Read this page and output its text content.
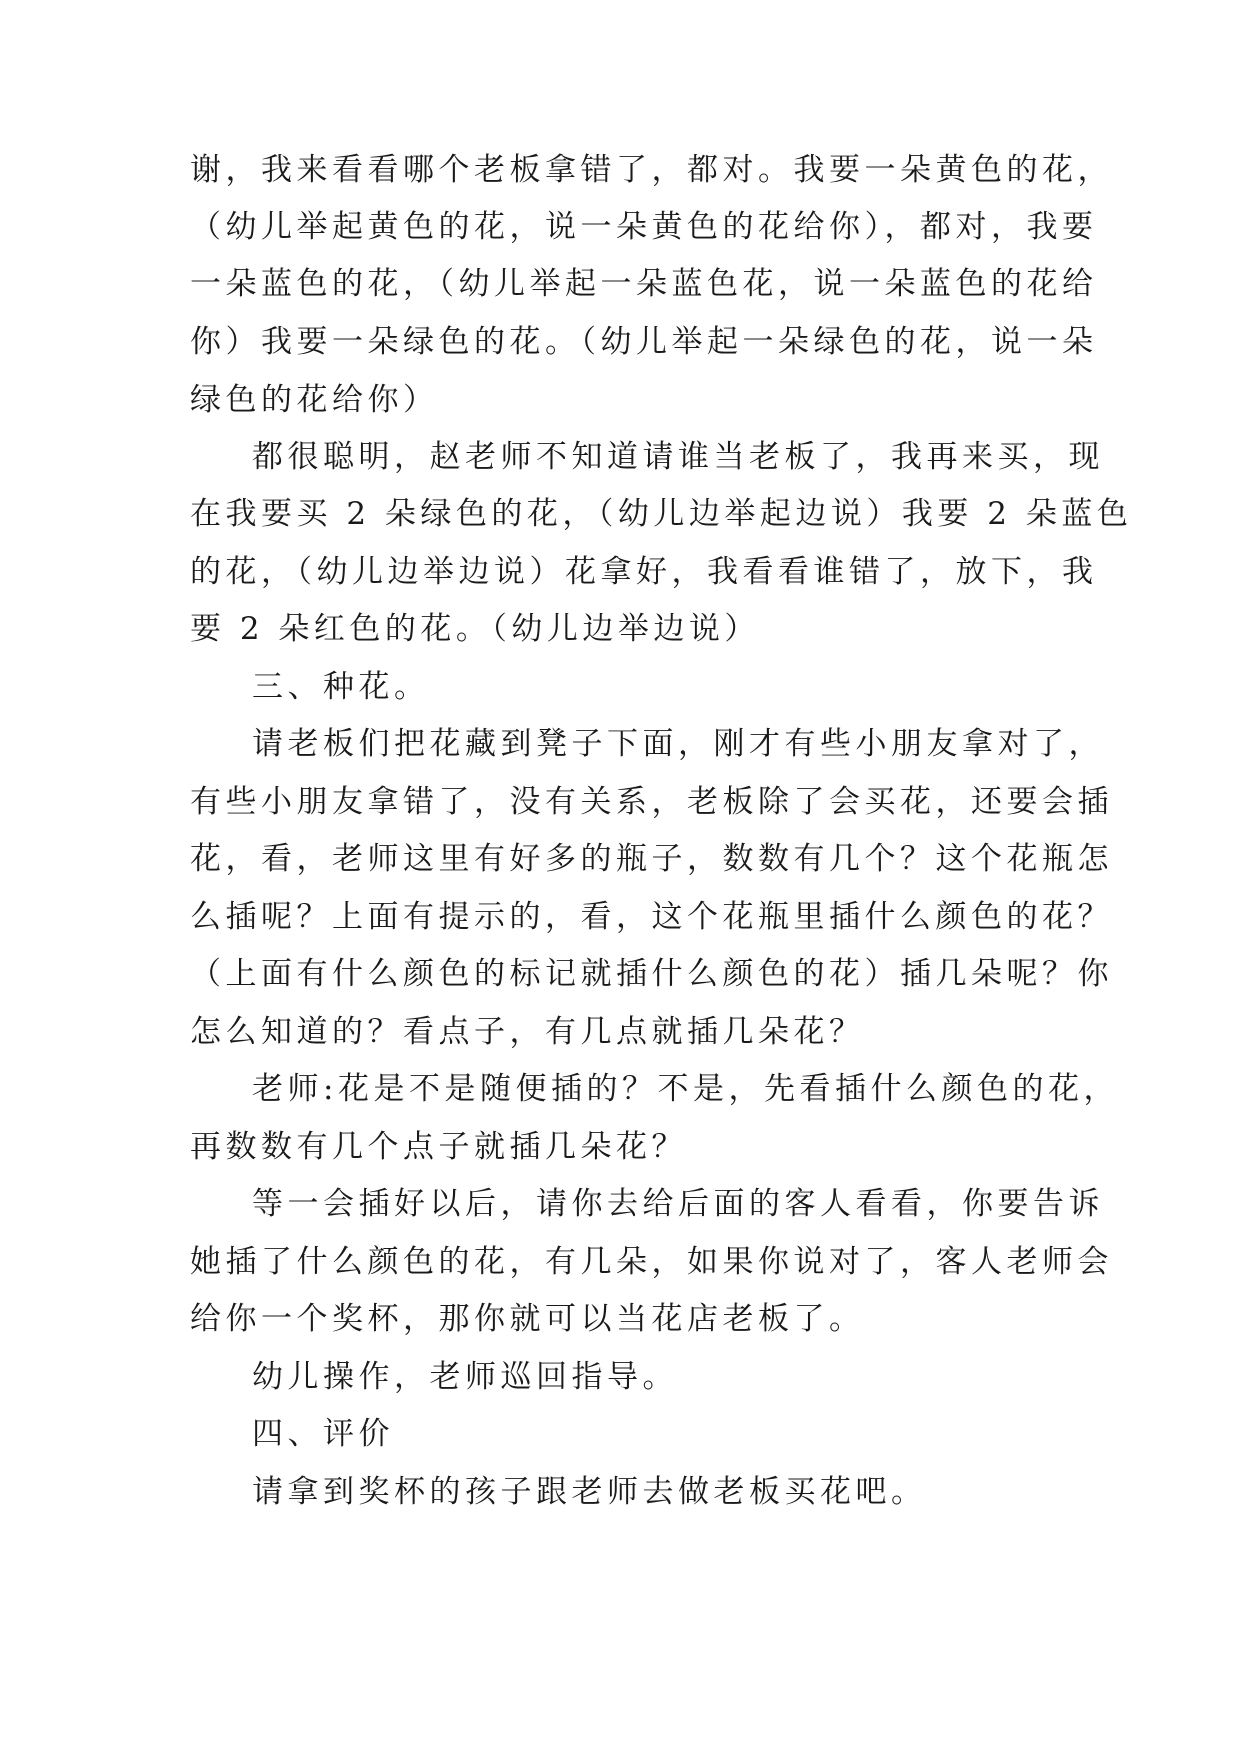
谢，我来看看哪个老板拿错了，都对。我要一朵黄色的花，
（幼儿举起黄色的花，说一朵黄色的花给你），都对，我要
一朵蓝色的花，（幼儿举起一朵蓝色花，说一朵蓝色的花给
你）我要一朵绿色的花。（幼儿举起一朵绿色的花，说一朵
绿色的花给你）
都很聪明，赵老师不知道请谁当老板了，我再来买，现
在我要买 2 朵绿色的花，（幼儿边举起边说）我要 2 朵蓝色
的花，（幼儿边举边说）花拿好，我看看谁错了，放下，我
要 2 朵红色的花。（幼儿边举边说）
三、种花。
请老板们把花藏到凳子下面，刚才有些小朋友拿对了，
有些小朋友拿错了，没有关系，老板除了会买花，还要会插
花，看，老师这里有好多的瓶子，数数有几个？这个花瓶怎
么插呢？上面有提示的，看，这个花瓶里插什么颜色的花？
（上面有什么颜色的标记就插什么颜色的花）插几朵呢？你
怎么知道的？看点子，有几点就插几朵花？
老师:花是不是随便插的？不是，先看插什么颜色的花，
再数数有几个点子就插几朵花？
等一会插好以后，请你去给后面的客人看看，你要告诉
她插了什么颜色的花，有几朵，如果你说对了，客人老师会
给你一个奖杯，那你就可以当花店老板了。
幼儿操作，老师巡回指导。
四、评价
请拿到奖杯的孩子跟老师去做老板买花吧。
